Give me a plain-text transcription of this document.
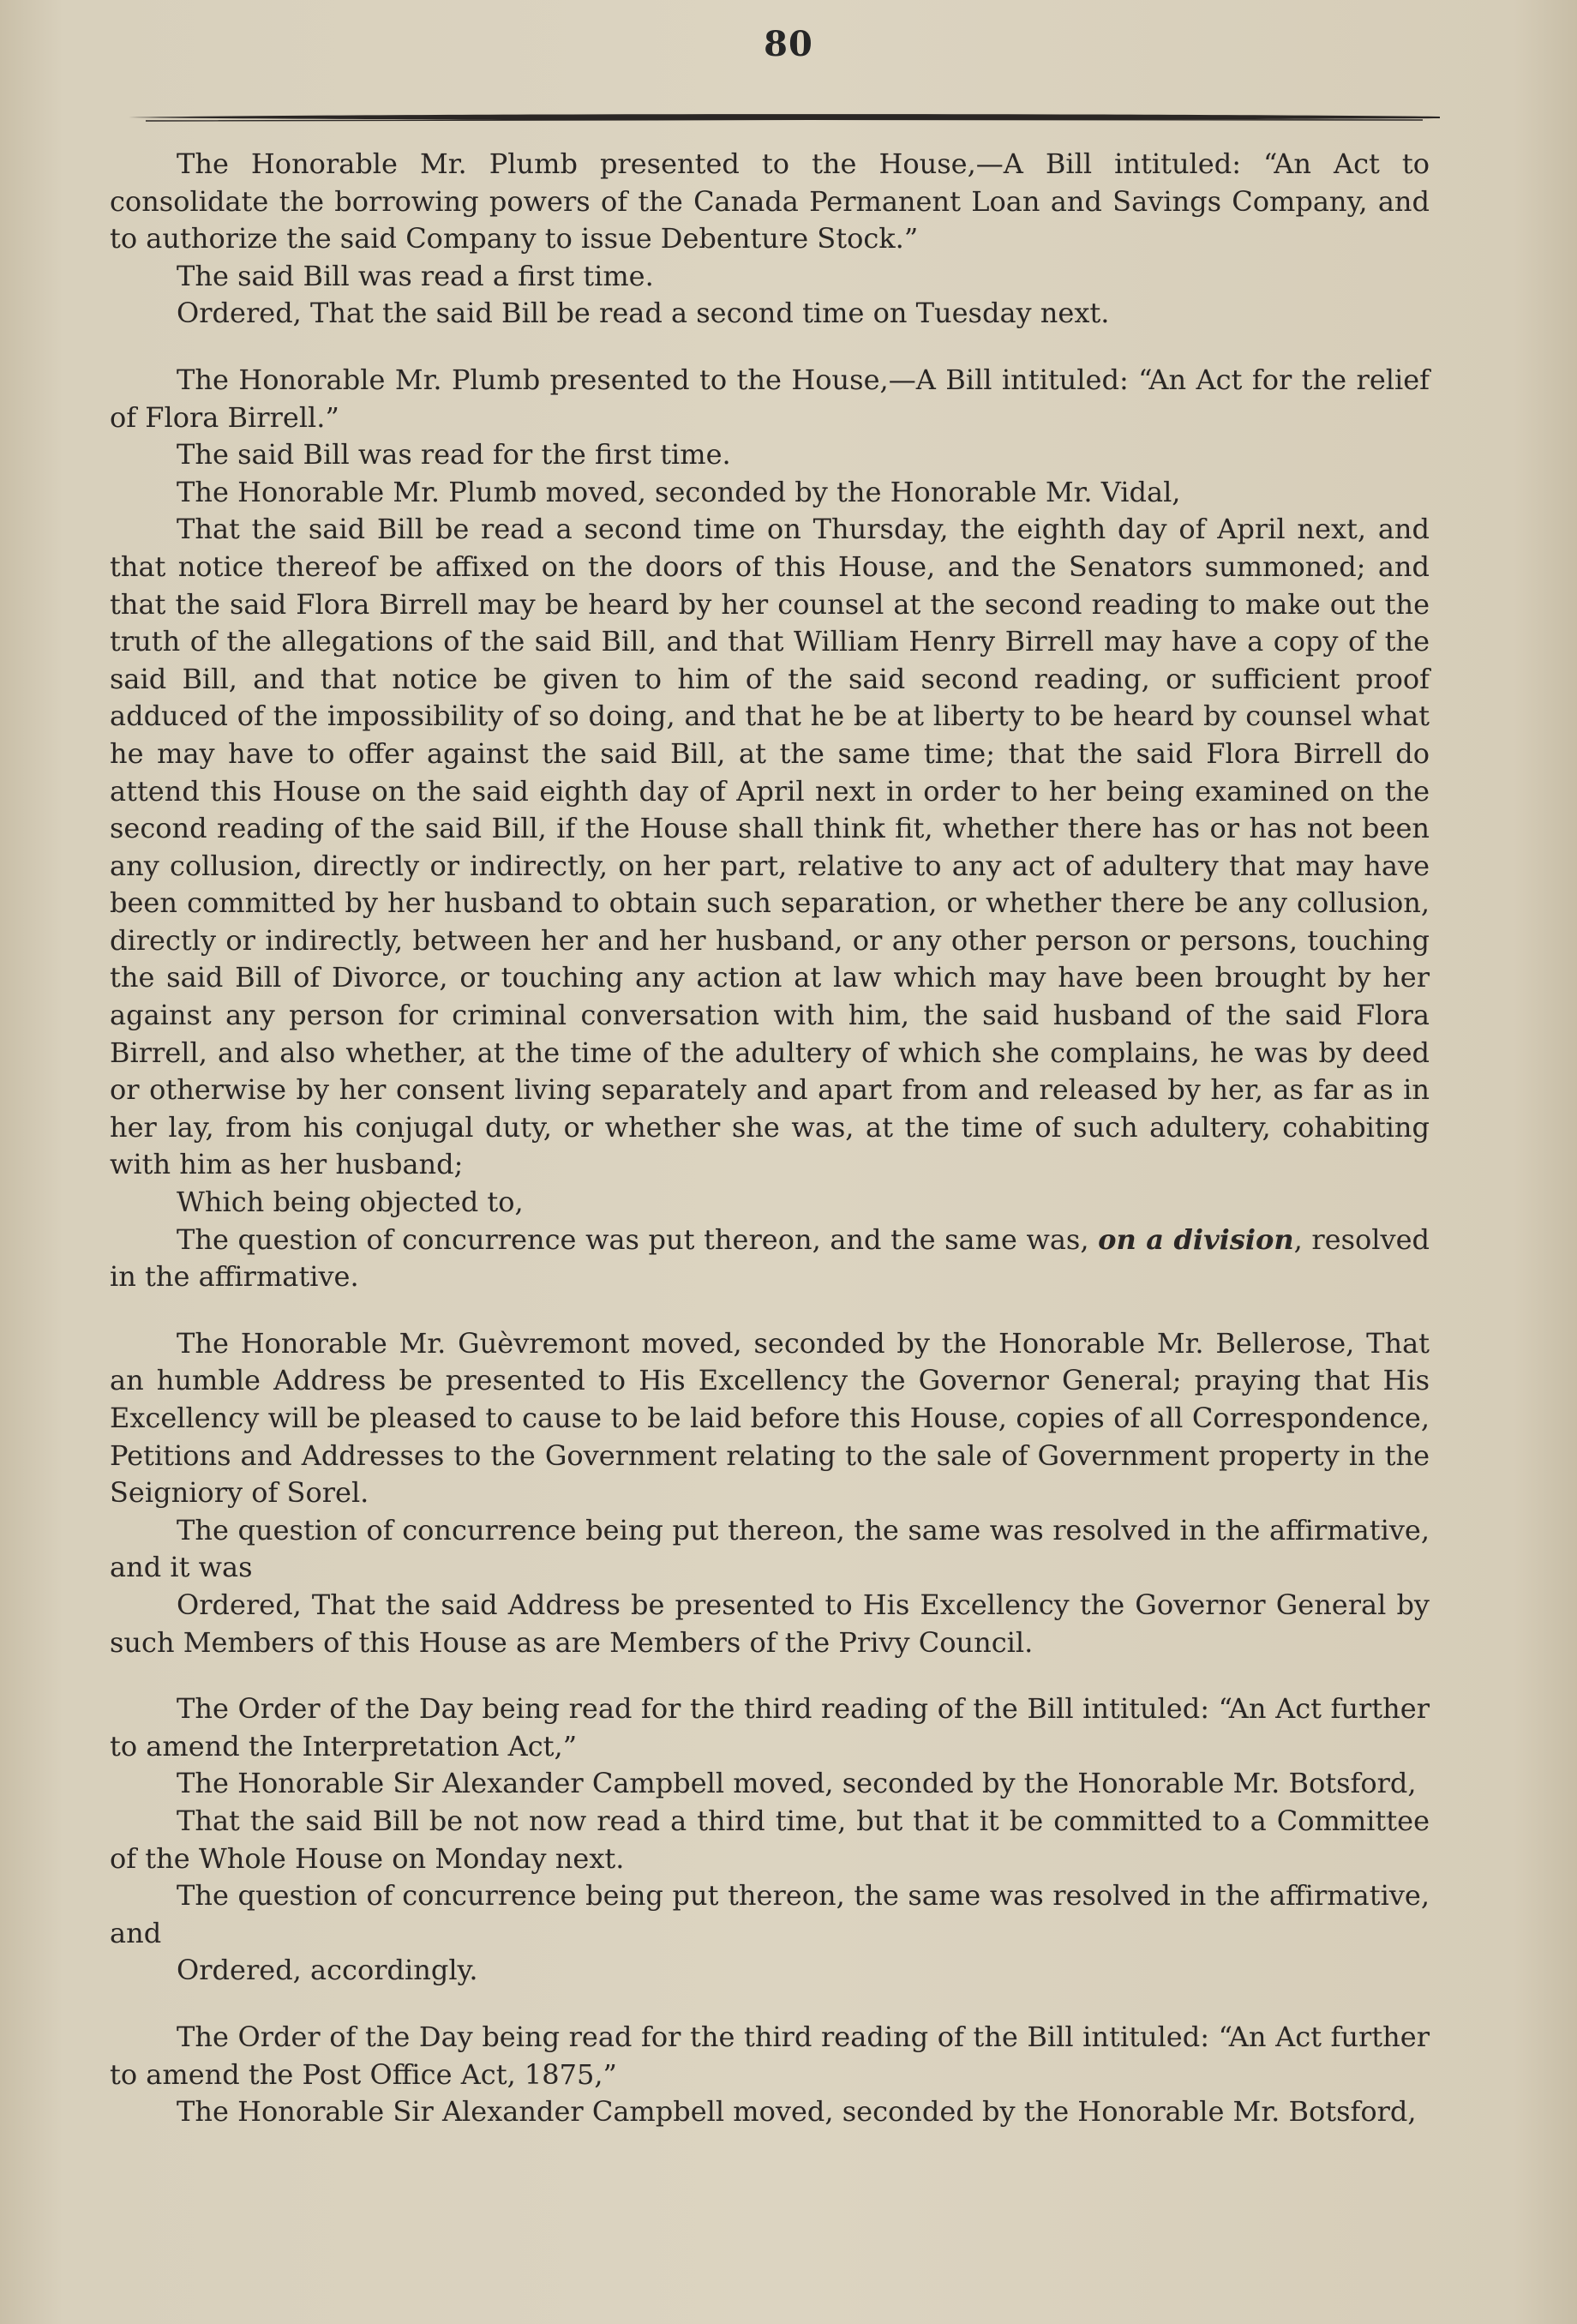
80

The Honorable Mr. Plumb presented to the House,—A Bill intituled: “An Act to consolidate the borrowing powers of the Canada Permanent Loan and Savings Company, and to authorize the said Company to issue Debenture Stock.”

The said Bill was read a first time.

Ordered, That the said Bill be read a second time on Tuesday next.

The Honorable Mr. Plumb presented to the House,—A Bill intituled: “An Act for the relief of Flora Birrell.”

The said Bill was read for the first time.

The Honorable Mr. Plumb moved, seconded by the Honorable Mr. Vidal,

That the said Bill be read a second time on Thursday, the eighth day of April next, and that notice thereof be affixed on the doors of this House, and the Senators summoned; and that the said Flora Birrell may be heard by her counsel at the second reading to make out the truth of the allegations of the said Bill, and that William Henry Birrell may have a copy of the said Bill, and that notice be given to him of the said second reading, or sufficient proof adduced of the impossibility of so doing, and that he be at liberty to be heard by counsel what he may have to offer against the said Bill, at the same time; that the said Flora Birrell do attend this House on the said eighth day of April next in order to her being examined on the second reading of the said Bill, if the House shall think fit, whether there has or has not been any collusion, directly or indirectly, on her part, relative to any act of adultery that may have been committed by her husband to obtain such separation, or whether there be any collusion, directly or indirectly, between her and her husband, or any other person or persons, touching the said Bill of Divorce, or touching any action at law which may have been brought by her against any person for criminal conversation with him, the said husband of the said Flora Birrell, and also whether, at the time of the adultery of which she complains, he was by deed or otherwise by her consent living separately and apart from and released by her, as far as in her lay, from his conjugal duty, or whether she was, at the time of such adultery, cohabiting with him as her husband;

Which being objected to,

The question of concurrence was put thereon, and the same was, on a division, resolved in the affirmative.

The Honorable Mr. Guèvremont moved, seconded by the Honorable Mr. Bellerose, That an humble Address be presented to His Excellency the Governor General; praying that His Excellency will be pleased to cause to be laid before this House, copies of all Correspondence, Petitions and Addresses to the Government relating to the sale of Government property in the Seigniory of Sorel.

The question of concurrence being put thereon, the same was resolved in the affirmative, and it was

Ordered, That the said Address be presented to His Excellency the Governor General by such Members of this House as are Members of the Privy Council.

The Order of the Day being read for the third reading of the Bill intituled: “An Act further to amend the Interpretation Act,”

The Honorable Sir Alexander Campbell moved, seconded by the Honorable Mr. Botsford,

That the said Bill be not now read a third time, but that it be committed to a Committee of the Whole House on Monday next.

The question of concurrence being put thereon, the same was resolved in the affirmative, and

Ordered, accordingly.

The Order of the Day being read for the third reading of the Bill intituled: “An Act further to amend the Post Office Act, 1875,”

The Honorable Sir Alexander Campbell moved, seconded by the Honorable Mr. Botsford,
